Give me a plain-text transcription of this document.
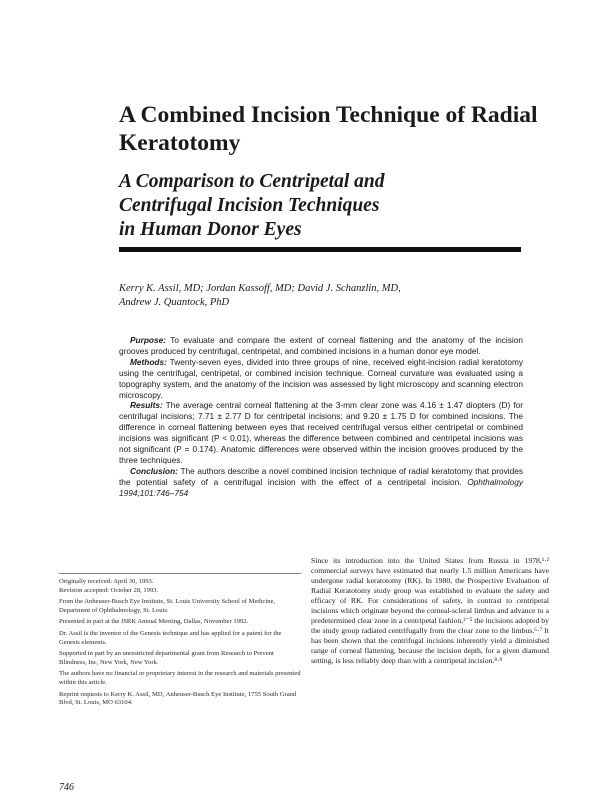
A Combined Incision Technique of Radial Keratotomy
A Comparison to Centripetal and
Centrifugal Incision Techniques
in Human Donor Eyes
Kerry K. Assil, MD; Jordan Kassoff, MD; David J. Schanzlin, MD,
Andrew J. Quantock, PhD

Purpose: To evaluate and compare the extent of corneal flattening and the anatomy of the incision grooves produced by centrifugal, centripetal, and combined incisions in a human donor eye model.

Methods: Twenty-seven eyes, divided into three groups of nine, received eight-incision radial keratotomy using the centrifugal, centripetal, or combined incision technique. Corneal curvature was evaluated using a topography system, and the anatomy of the incision was assessed by light microscopy and scanning electron microscopy.

Results: The average central corneal flattening at the 3-mm clear zone was 4.16 ± 1.47 diopters (D) for centrifugal incisions; 7.71 ± 2.77 D for centripetal incisions; and 9.20 ± 1.75 D for combined incisions. The difference in corneal flattening between eyes that received centrifugal versus either centripetal or combined incisions was significant (P < 0.01), whereas the difference between combined and centripetal incisions was not significant (P = 0.174). Anatomic differences were observed within the incision grooves produced by the three techniques.

Conclusion: The authors describe a novel combined incision technique of radial keratotomy that provides the potential safety of a centrifugal incision with the effect of a centripetal incision. Ophthalmology 1994;101:746–754

Originally received: April 30, 1993.
Revision accepted: October 28, 1993.

From the Anheuser-Busch Eye Institute, St. Louis University School of Medicine, Department of Ophthalmology, St. Louis.

Presented in part at the ISRK Annual Meeting, Dallas, November 1992.

Dr. Assil is the inventor of the Genesis technique and has applied for a patent for the Genesis elements.

Supported in part by an unrestricted departmental grant from Research to Prevent Blindness, Inc, New York, New York.

The authors have no financial or proprietary interest in the research and materials presented within this article.

Reprint requests to Kerry K. Assil, MD, Anheuser-Busch Eye Institute, 1755 South Grand Blvd, St. Louis, MO 63104.

Since its introduction into the United States from Russia in 1978,¹·² commercial surveys have estimated that nearly 1.5 million Americans have undergone radial keratotomy (RK). In 1980, the Prospective Evaluation of Radial Keratotomy study group was established to evaluate the safety and efficacy of RK. For considerations of safety, in contrast to centripetal incisions which originate beyond the corneal-scleral limbus and advance to a predetermined clear zone in a centripetal fashion,³⁻⁵ the incisions adopted by the study group radiated centrifugally from the clear zone to the limbus.⁶·⁷ It has been shown that the centrifugal incisions inherently yield a diminished range of corneal flattening, because the incision depth, for a given diamond setting, is less reliably deep than with a centripetal incision.⁸·⁹

746
